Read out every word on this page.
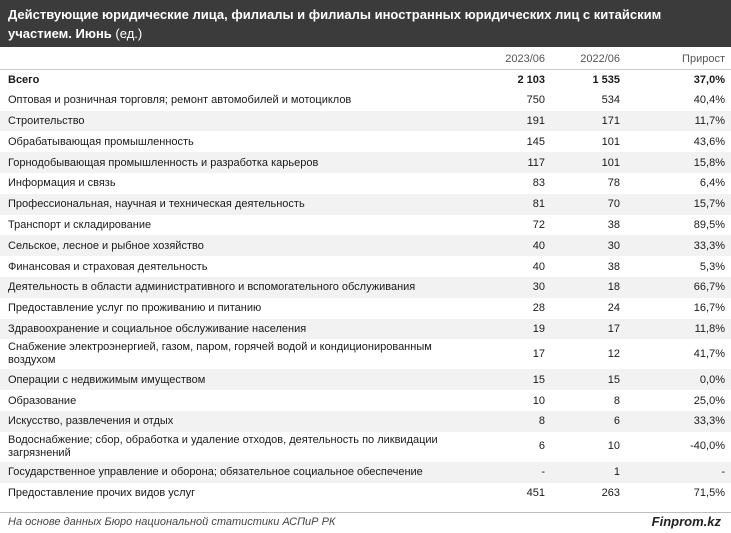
Действующие юридические лица, филиалы и филиалы иностранных юридических лиц с китайским участием. Июнь (ед.)
	2023/06	2022/06	Прирост
Всего	2 103	1 535	37,0%
Оптовая и розничная торговля; ремонт автомобилей и мотоциклов	750	534	40,4%
Строительство	191	171	11,7%
Обрабатывающая промышленность	145	101	43,6%
Горнодобывающая промышленность и разработка карьеров	117	101	15,8%
Информация и связь	83	78	6,4%
Профессиональная, научная и техническая деятельность	81	70	15,7%
Транспорт и складирование	72	38	89,5%
Сельское, лесное и рыбное хозяйство	40	30	33,3%
Финансовая и страховая деятельность	40	38	5,3%
Деятельность в области административного и вспомогательного обслуживания	30	18	66,7%
Предоставление услуг по проживанию и питанию	28	24	16,7%
Здравоохранение и социальное обслуживание населения	19	17	11,8%
Снабжение электроэнергией, газом, паром, горячей водой и кондиционированным воздухом	17	12	41,7%
Операции с недвижимым имуществом	15	15	0,0%
Образование	10	8	25,0%
Искусство, развлечения и отдых	8	6	33,3%
Водоснабжение; сбор, обработка и удаление отходов, деятельность по ликвидации загрязнений	6	10	-40,0%
Государственное управление и оборона; обязательное социальное обеспечение	-	1	-
Предоставление прочих видов услуг	451	263	71,5%
На основе данных Бюро национальной статистики АСПиР РК	Finprom.kz
